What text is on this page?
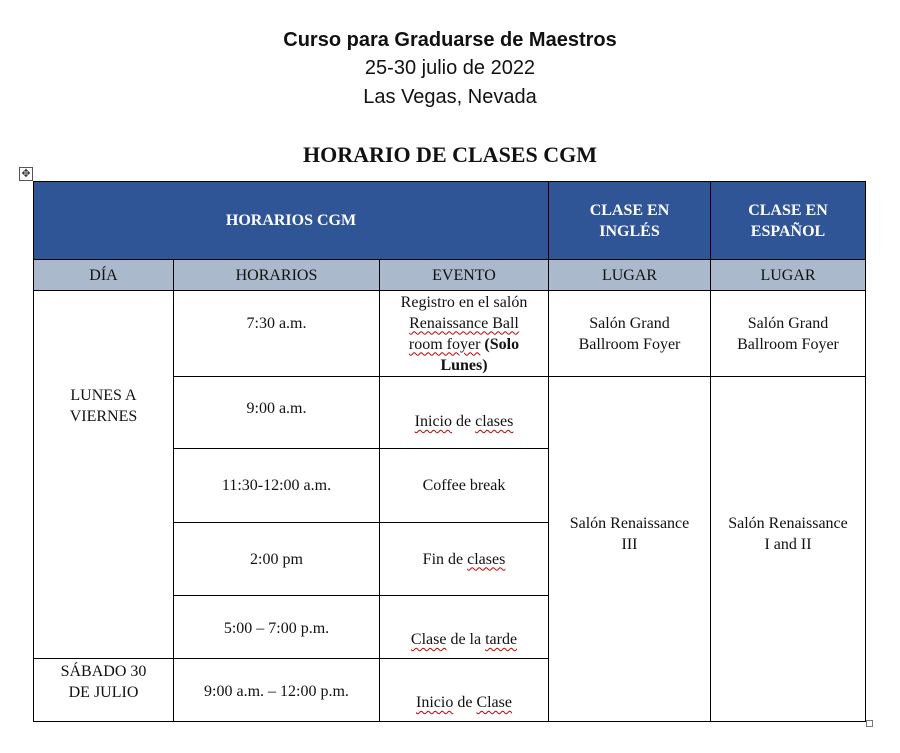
Curso para Graduarse de Maestros
25-30 julio de 2022
Las Vegas, Nevada
HORARIO DE CLASES CGM
✥
HORARIOS CGM			CLASE EN
INGLÉS	CLASE EN
ESPAÑOL

DÍA	HORARIOS	EVENTO	LUGAR	LUGAR

LUNES A
VIERNES	7:30 a.m.	Registro en el salón
Renaissance Ball
room foyer (Solo
Lunes)	Salón Grand
Ballroom Foyer	Salón Grand
Ballroom Foyer

	9:00 a.m.	Inicio de clases	Salón Renaissance
III	Salón Renaissance
I and II

	11:30-12:00 a.m.	Coffee break		
	2:00 pm	Fin de clases		
	5:00 – 7:00 p.m.	Clase de la tarde		

SÁBADO 30
DE JULIO	9:00 a.m. – 12:00 p.m.	Inicio de Clase		
